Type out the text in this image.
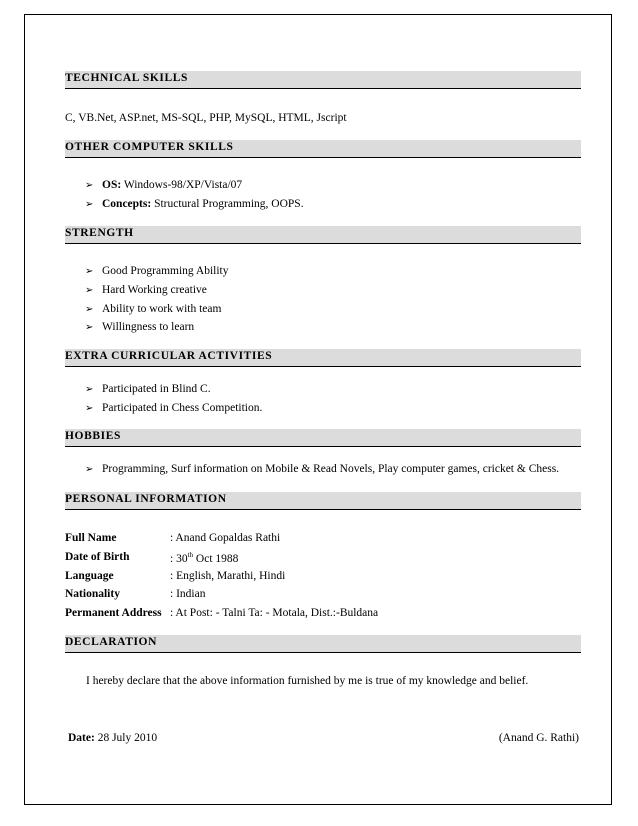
TECHNICAL SKILLS
C, VB.Net, ASP.net, MS-SQL, PHP, MySQL, HTML, Jscript
OTHER COMPUTER SKILLS
➢ OS: Windows-98/XP/Vista/07
➢ Concepts: Structural Programming, OOPS.
STRENGTH
➢ Good Programming Ability
➢ Hard Working creative
➢ Ability to work with team
➢ Willingness to learn
EXTRA CURRICULAR ACTIVITIES
➢ Participated in Blind C.
➢ Participated in Chess Competition.
HOBBIES
➢ Programming, Surf information on Mobile & Read Novels, Play computer games, cricket & Chess.
PERSONAL INFORMATION
Full Name	: Anand Gopaldas Rathi
Date of Birth	: 30th Oct 1988
Language	: English, Marathi, Hindi
Nationality	: Indian
Permanent Address : At Post: - Talni Ta: - Motala, Dist.:-Buldana
DECLARATION
I hereby declare that the above information furnished by me is true of my knowledge and belief.
Date: 28 July 2010	(Anand G. Rathi)
